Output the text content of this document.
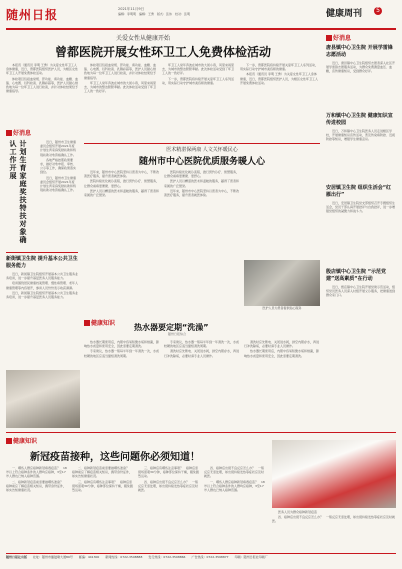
随州日报	2021年11月9日
编辑：李明明　编辑：王勇　版式：张伟　校对：张明	健康周刊	5
关爱女性从健康开始
曾都医院开展女性环卫工人免费体检活动

本报讯（通讯员 李明 王勇）为关爱女性环卫工人身体健康，近日，曾都医院组织医护人员，为辖区女性环卫工人开展免费体检活动。

体检项目包括血常规、肝功能、肾功能、血糖、血脂、心电图、妇科检查、乳腺彩超等，医护人员耐心细致地为每一位环卫工人进行检查，并针对体检结果给予健康指导。

体检项目包括血常规、肝功能、肾功能、血糖、血脂、心电图、妇科检查、乳腺彩超等，医护人员耐心细致地为每一位环卫工人进行检查，并针对体检结果给予健康指导。

环卫工人常年奔波在城市的大街小巷，风里来雨里去，为城市的整洁默默奉献。此次体检活动受到了环卫工人的一致好评。

环卫工人常年奔波在城市的大街小巷，风里来雨里去，为城市的整洁默默奉献。此次体检活动受到了环卫工人的一致好评。

下一步，曾都医院将持续开展关爱环卫工人系列活动，用实际行动守护城市美容师的健康。

下一步，曾都医院将持续开展关爱环卫工人系列活动，用实际行动守护城市美容师的健康。

本报讯（通讯员 李明 王勇）为关爱女性环卫工人身体健康，近日，曾都医院组织医护人员，为辖区女性环卫工人开展免费体检活动。

好消息
计划生育家庭奖扶特扶对象确认工作开展	近日，随州市卫生健康委员会组织开展2021年度计划生育家庭奖励扶助和特别扶助对象资格确认工作。

各地严格按照政策要求，做好对象申报、审核、公示等工作，确保政策落实到位。

近日，随州市卫生健康委员会组织开展2021年度计划生育家庭奖励扶助和特别扶助对象资格确认工作。

新街镇卫生院 提升基本公共卫生服务能力

近日，新街镇卫生院组织开展基本公共卫生服务业务培训，进一步提升基层医务人员服务能力。

培训围绕居民健康档案管理、慢性病管理、老年人健康管理等内容展开，参训人员纷纷表示收获满满。

近日，新街镇卫生院组织开展基本公共卫生服务业务培训，进一步提升基层医务人员服务能力。

医术精湛保两康 人文关怀暖民心
随州市中心医院优质服务暖人心

近年来，随州市中心医院坚持以患者为中心，不断改善医疗服务，提升患者就医体验。

医院持续优化就诊流程，推行预约诊疗、智慧服务，让群众看病更便捷、更舒心。

医护人员以精湛的医术和温暖的服务，赢得了患者和家属的广泛赞誉。

医院持续优化就诊流程，推行预约诊疗、智慧服务，让群众看病更便捷、更舒心。

医护人员以精湛的医术和温暖的服务，赢得了患者和家属的广泛赞誉。

近年来，随州市中心医院坚持以患者为中心，不断改善医疗服务，提升患者就医体验。

医护人员为患者提供贴心服务
好消息
唐县镇中心卫生院 开展学雷锋志愿活动

近日，唐县镇中心卫生院组织志愿者深入社区开展学雷锋志愿服务活动，为群众免费测量血压、血糖，宣传健康知识，受到群众好评。

万和镇中心卫生院 健康知识宣传进校园

近日，万和镇中心卫生院医务人员走进辖区学校，开展健康知识宣传活动，普及传染病防控、近视防控等知识，增强学生健康意识。

安居镇卫生院 组织生活会“红雁出行”

近日，安居镇卫生院党支部组织召开专题组织生活会，党员干部认真开展批评与自我批评，进一步增强党组织的凝聚力和战斗力。

殷店镇中心卫生院 “示范党建”送高素质“在行动

近日，殷店镇中心卫生院开展党建示范活动，组织党员医务人员深入村组开展义诊服务，把健康送到群众家门口。

健康知识 热水器要定期“洗澡”
随州日报综合

热水器长期使用后，内胆中容易积聚水垢和细菌，影响热水质量和使用安全，因此需要定期清洗。

专家建议，热水器一般每半年到一年清洗一次，水质较硬的地区应适当缩短清洗周期。

专家建议，热水器一般每半年到一年清洗一次，水质较硬的地区应适当缩短清洗周期。

清洗时应先断电、关闭进水阀，排空内胆存水，再进行冲洗除垢，必要时请专业人员操作。

清洗时应先断电、关闭进水阀，排空内胆存水，再进行冲洗除垢，必要时请专业人员操作。

热水器长期使用后，内胆中容易积聚水垢和细菌，影响热水质量和使用安全，因此需要定期清洗。

健康知识
新冠疫苗接种，这些问题你必须知道！

一、哪些人群应接种新冠病毒疫苗？　18岁以上符合接种条件的人群均应接种，3至17岁人群也已纳入接种范围。

二、接种新冠疫苗前需要做哪些准备？　接种前应了解疫苗相关知识，携带身份证件，如实告知健康状况。

二、接种新冠疫苗前需要做哪些准备？　接种前应了解疫苗相关知识，携带身份证件，如实告知健康状况。

三、接种后有哪些注意事项？　接种后需现场留观30分钟，接种部位保持干燥，避免剧烈运动。

三、接种后有哪些注意事项？　接种后需现场留观30分钟，接种部位保持干燥，避免剧烈运动。

四、接种后出现不良反应怎么办？　一般反应无需处理，如出现持续发热等症状应及时就医。

四、接种后出现不良反应怎么办？　一般反应无需处理，如出现持续发热等症状应及时就医。

一、哪些人群应接种新冠病毒疫苗？　18岁以上符合接种条件的人群均应接种，3至17岁人群也已纳入接种范围。

医务人员为群众接种新冠疫苗

四、接种后出现不良反应怎么办？　一般反应无需处理，如出现持续发热等症状应及时就医。

随州日报社出版 社址：随州市擂鼓墩大道89号 邮编：441300 新闻热线：0722-3598888 发行热线：0722-3598866 广告热线：0722-3598877 印刷：随州日报社印刷厂
